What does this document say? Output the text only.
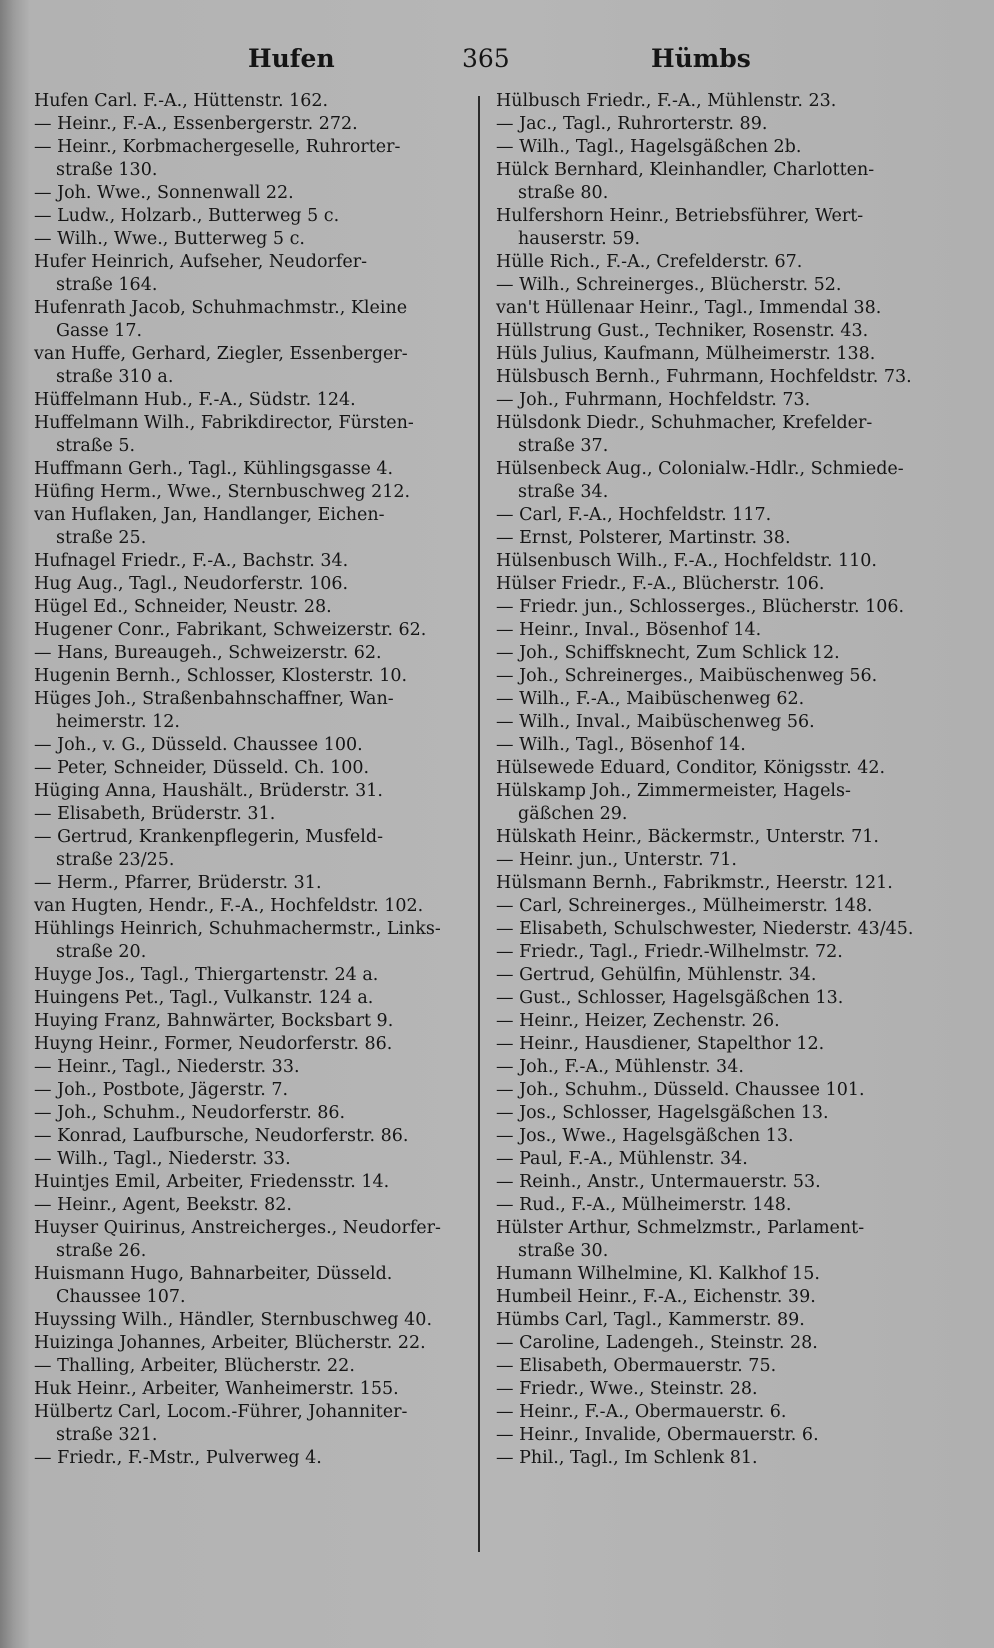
Hufen	365	Hümbs
Hufen Carl. F.-A., Hüttenstr. 162.
— Heinr., F.-A., Essenbergerstr. 272.
— Heinr., Korbmachergeselle, Ruhrorter-
straße 130.
— Joh. Wwe., Sonnenwall 22.
— Ludw., Holzarb., Butterweg 5 c.
— Wilh., Wwe., Butterweg 5 c.
Hufer Heinrich, Aufseher, Neudorfer-
straße 164.
Hufenrath Jacob, Schuhmachmstr., Kleine
Gasse 17.
van Huffe, Gerhard, Ziegler, Essenberger-
straße 310 a.
Hüffelmann Hub., F.-A., Südstr. 124.
Huffelmann Wilh., Fabrikdirector, Fürsten-
straße 5.
Huffmann Gerh., Tagl., Kühlingsgasse 4.
Hüfing Herm., Wwe., Sternbuschweg 212.
van Huflaken, Jan, Handlanger, Eichen-
straße 25.
Hufnagel Friedr., F.-A., Bachstr. 34.
Hug Aug., Tagl., Neudorferstr. 106.
Hügel Ed., Schneider, Neustr. 28.
Hugener Conr., Fabrikant, Schweizerstr. 62.
— Hans, Bureaugeh., Schweizerstr. 62.
Hugenin Bernh., Schlosser, Klosterstr. 10.
Hüges Joh., Straßenbahnschaffner, Wan-
heimerstr. 12.
— Joh., v. G., Düsseld. Chaussee 100.
— Peter, Schneider, Düsseld. Ch. 100.
Hüging Anna, Haushält., Brüderstr. 31.
— Elisabeth, Brüderstr. 31.
— Gertrud, Krankenpflegerin, Musfeld-
straße 23/25.
— Herm., Pfarrer, Brüderstr. 31.
van Hugten, Hendr., F.-A., Hochfeldstr. 102.
Hühlings Heinrich, Schuhmachermstr., Links-
straße 20.
Huyge Jos., Tagl., Thiergartenstr. 24 a.
Huingens Pet., Tagl., Vulkanstr. 124 a.
Huying Franz, Bahnwärter, Bocksbart 9.
Huyng Heinr., Former, Neudorferstr. 86.
— Heinr., Tagl., Niederstr. 33.
— Joh., Postbote, Jägerstr. 7.
— Joh., Schuhm., Neudorferstr. 86.
— Konrad, Laufbursche, Neudorferstr. 86.
— Wilh., Tagl., Niederstr. 33.
Huintjes Emil, Arbeiter, Friedensstr. 14.
— Heinr., Agent, Beekstr. 82.
Huyser Quirinus, Anstreicherges., Neudorfer-
straße 26.
Huismann Hugo, Bahnarbeiter, Düsseld.
Chaussee 107.
Huyssing Wilh., Händler, Sternbuschweg 40.
Huizinga Johannes, Arbeiter, Blücherstr. 22.
— Thalling, Arbeiter, Blücherstr. 22.
Huk Heinr., Arbeiter, Wanheimerstr. 155.
Hülbertz Carl, Locom.-Führer, Johanniter-
straße 321.
— Friedr., F.-Mstr., Pulverweg 4.
Hülbusch Friedr., F.-A., Mühlenstr. 23.
— Jac., Tagl., Ruhrorterstr. 89.
— Wilh., Tagl., Hagelsgäßchen 2b.
Hülck Bernhard, Kleinhandler, Charlotten-
straße 80.
Hulfershorn Heinr., Betriebsführer, Wert-
hauserstr. 59.
Hülle Rich., F.-A., Crefelderstr. 67.
— Wilh., Schreinerges., Blücherstr. 52.
van't Hüllenaar Heinr., Tagl., Immendal 38.
Hüllstrung Gust., Techniker, Rosenstr. 43.
Hüls Julius, Kaufmann, Mülheimerstr. 138.
Hülsbusch Bernh., Fuhrmann, Hochfeldstr. 73.
— Joh., Fuhrmann, Hochfeldstr. 73.
Hülsdonk Diedr., Schuhmacher, Krefelder-
straße 37.
Hülsenbeck Aug., Colonialw.-Hdlr., Schmiede-
straße 34.
— Carl, F.-A., Hochfeldstr. 117.
— Ernst, Polsterer, Martinstr. 38.
Hülsenbusch Wilh., F.-A., Hochfeldstr. 110.
Hülser Friedr., F.-A., Blücherstr. 106.
— Friedr. jun., Schlosserges., Blücherstr. 106.
— Heinr., Inval., Bösenhof 14.
— Joh., Schiffsknecht, Zum Schlick 12.
— Joh., Schreinerges., Maibüschenweg 56.
— Wilh., F.-A., Maibüschenweg 62.
— Wilh., Inval., Maibüschenweg 56.
— Wilh., Tagl., Bösenhof 14.
Hülsewede Eduard, Conditor, Königsstr. 42.
Hülskamp Joh., Zimmermeister, Hagels-
gäßchen 29.
Hülskath Heinr., Bäckermstr., Unterstr. 71.
— Heinr. jun., Unterstr. 71.
Hülsmann Bernh., Fabrikmstr., Heerstr. 121.
— Carl, Schreinerges., Mülheimerstr. 148.
— Elisabeth, Schulschwester, Niederstr. 43/45.
— Friedr., Tagl., Friedr.-Wilhelmstr. 72.
— Gertrud, Gehülfin, Mühlenstr. 34.
— Gust., Schlosser, Hagelsgäßchen 13.
— Heinr., Heizer, Zechenstr. 26.
— Heinr., Hausdiener, Stapelthor 12.
— Joh., F.-A., Mühlenstr. 34.
— Joh., Schuhm., Düsseld. Chaussee 101.
— Jos., Schlosser, Hagelsgäßchen 13.
— Jos., Wwe., Hagelsgäßchen 13.
— Paul, F.-A., Mühlenstr. 34.
— Reinh., Anstr., Untermauerstr. 53.
— Rud., F.-A., Mülheimerstr. 148.
Hülster Arthur, Schmelzmstr., Parlament-
straße 30.
Humann Wilhelmine, Kl. Kalkhof 15.
Humbeil Heinr., F.-A., Eichenstr. 39.
Hümbs Carl, Tagl., Kammerstr. 89.
— Caroline, Ladengeh., Steinstr. 28.
— Elisabeth, Obermauerstr. 75.
— Friedr., Wwe., Steinstr. 28.
— Heinr., F.-A., Obermauerstr. 6.
— Heinr., Invalide, Obermauerstr. 6.
— Phil., Tagl., Im Schlenk 81.
